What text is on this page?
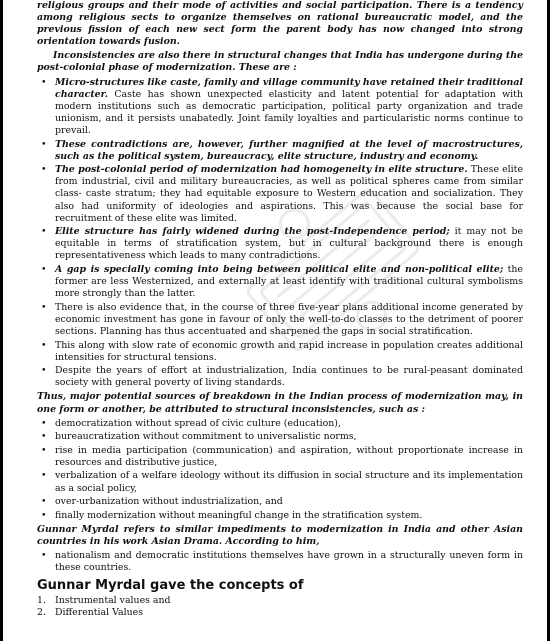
religious groups and their mode of activities and social participation. There is a tendency among religious sects to organize themselves on rational bureaucratic model, and the previous fission of each new sect form the parent body has now changed into strong orientation towards fusion.

Inconsistencies are also there in structural changes that India has undergone during the post-colonial phase of modernization. These are :

• Micro-structures like caste, family and village community have retained their traditional character. Caste has shown unexpected elasticity and latent potential for adaptation with modern institutions such as democratic participation, political party organization and trade unionism, and it persists unabatedly. Joint family loyalties and particularistic norms continue to prevail.
• These contradictions are, however, further magnified at the level of macrostructures, such as the political system, bureaucracy, elite structure, industry and economy.
• The post-colonial period of modernization had homogeneity in elite structure. These elite from industrial, civil and military bureaucracies, as well as political spheres came from similar class- caste stratum; they had equitable exposure to Western education and socialization. They also had uniformity of ideologies and aspirations. This was because the social base for recruitment of these elite was limited.
• Elite structure has fairly widened during the post-Independence period; it may not be equitable in terms of stratification system, but in cultural background there is enough representativeness which leads to many contradictions.
• A gap is specially coming into being between political elite and non-political elite; the former are less Westernized, and externally at least identify with traditional cultural symbolisms more strongly than the latter.
• There is also evidence that, in the course of three five-year plans additional income generated by economic investment has gone in favour of only the well-to-do classes to the detriment of poorer sections. Planning has thus accentuated and sharpened the gaps in social stratification.
• This along with slow rate of economic growth and rapid increase in population creates additional intensities for structural tensions.
• Despite the years of effort at industrialization, India continues to be rural-peasant dominated society with general poverty of living standards.

Thus, major potential sources of breakdown in the Indian process of modernization may, in one form or another, be attributed to structural inconsistencies, such as :

• democratization without spread of civic culture (education),
• bureaucratization without commitment to universalistic norms,
• rise in media participation (communication) and aspiration, without proportionate increase in resources and distributive justice,
• verbalization of a welfare ideology without its diffusion in social structure and its implementation as a social policy,
• over-urbanization without industrialization, and
• finally modernization without meaningful change in the stratification system.

Gunnar Myrdal refers to similar impediments to modernization in India and other Asian countries in his work Asian Drama. According to him,

• nationalism and democratic institutions themselves have grown in a structurally uneven form in these countries.
Gunnar Myrdal gave the concepts of
1. Instrumental values and
2. Differential Values
